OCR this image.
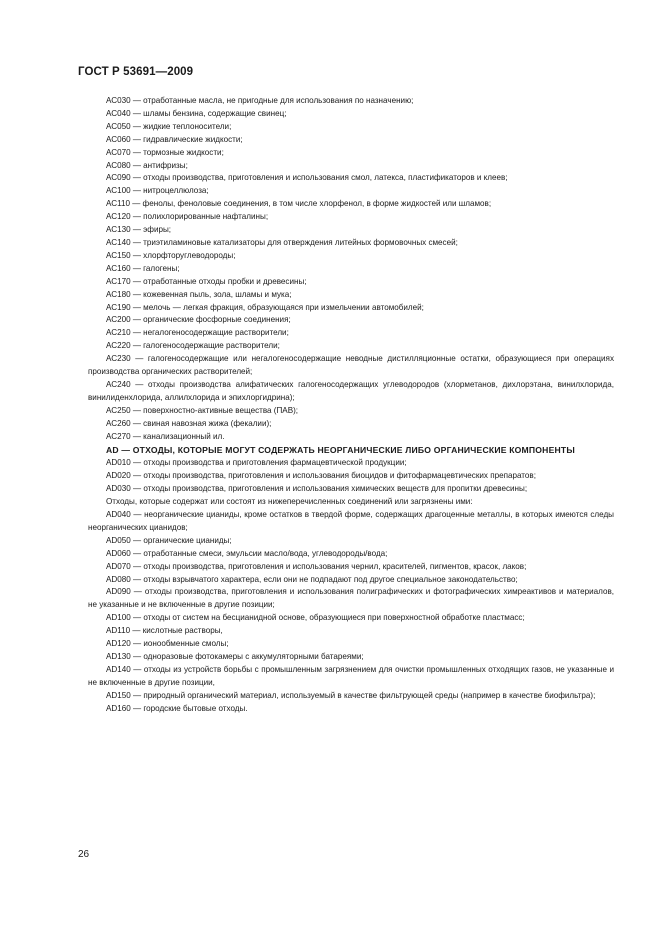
ГОСТ Р 53691—2009

АС030 — отработанные масла, не пригодные для использования по назначению;

АС040 — шламы бензина, содержащие свинец;

АС050 — жидкие теплоносители;

АС060 — гидравлические жидкости;

АС070 — тормозные жидкости;

АС080 — антифризы;

АС090 — отходы производства, приготовления и использования смол, латекса, пластификаторов и клеев;

АС100 — нитроцеллюлоза;

АС110 — фенолы, феноловые соединения, в том числе хлорфенол, в форме жидкостей или шламов;

АС120 — полихлорированные нафталины;

АС130 — эфиры;

АС140 — триэтиламиновые катализаторы для отверждения литейных формовочных смесей;

АС150 — хлорфторуглеводороды;

АС160 — галогены;

АС170 — отработанные отходы пробки и древесины;

АС180 — кожевенная пыль, зола, шламы и мука;

АС190 — мелочь — легкая фракция, образующаяся при измельчении автомобилей;

АС200 — органические фосфорные соединения;

АС210 — негалогеносодержащие растворители;

АС220 — галогеносодержащие растворители;

АС230 — галогеносодержащие или негалогеносодержащие неводные дистилляционные остатки, образующиеся при операциях производства органических растворителей;

АС240 — отходы производства алифатических галогеносодержащих углеводородов (хлорметанов, дихлорэтана, винилхлорида, винилиденхлорида, аллилхлорида и эпихлоргидрина);

АС250 — поверхностно-активные вещества (ПАВ);

АС260 — свиная навозная жижа (фекалии);

АС270 — канализационный ил.

AD — ОТХОДЫ, КОТОРЫЕ МОГУТ СОДЕРЖАТЬ НЕОРГАНИЧЕСКИЕ ЛИБО ОРГАНИЧЕСКИЕ КОМПОНЕНТЫ

AD010 — отходы производства и приготовления фармацевтической продукции;

AD020 — отходы производства, приготовления и использования биоцидов и фитофармацевтических препаратов;

AD030 — отходы производства, приготовления и использования химических веществ для пропитки древесины;

Отходы, которые содержат или состоят из нижеперечисленных соединений или загрязнены ими:

AD040 — неорганические цианиды, кроме остатков в твердой форме, содержащих драгоценные металлы, в которых имеются следы неорганических цианидов;

AD050 — органические цианиды;

AD060 — отработанные смеси, эмульсии масло/вода, углеводороды/вода;

AD070 — отходы производства, приготовления и использования чернил, красителей, пигментов, красок, лаков;

AD080 — отходы взрывчатого характера, если они не подпадают под другое специальное законодательство;

AD090 — отходы производства, приготовления и использования полиграфических и фотографических химреактивов и материалов, не указанные и не включенные в другие позиции;

AD100 — отходы от систем на бесцианидной основе, образующиеся при поверхностной обработке пластмасс;

AD110 — кислотные растворы,

AD120 — ионообменные смолы;

AD130 — одноразовые фотокамеры с аккумуляторными батареями;

AD140 — отходы из устройств борьбы с промышленным загрязнением для очистки промышленных отходящих газов, не указанные и не включенные в другие позиции,

AD150 — природный органический материал, используемый в качестве фильтрующей среды (например в качестве биофильтра);

AD160 — городские бытовые отходы.

26
